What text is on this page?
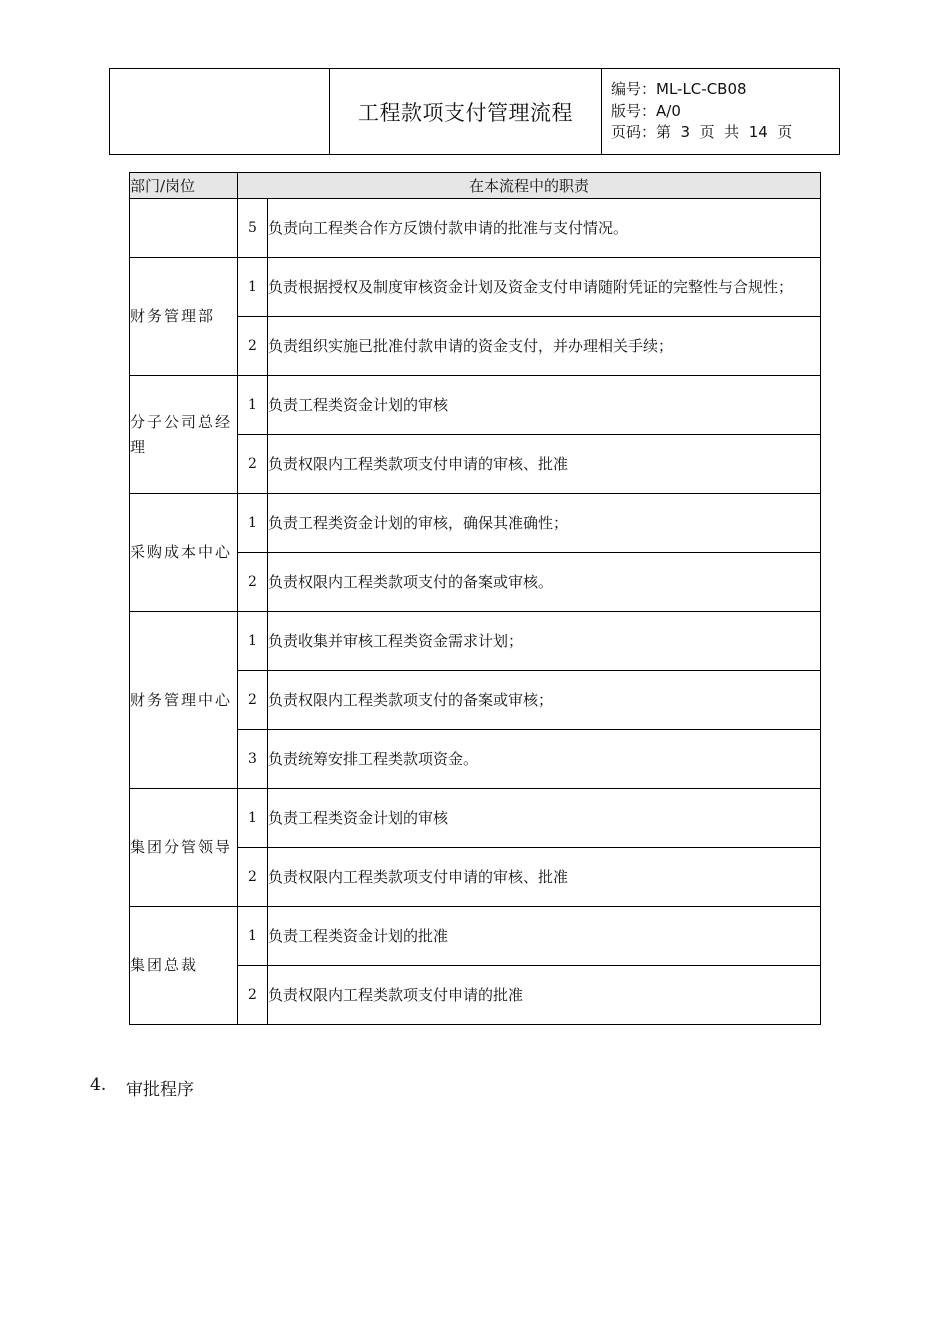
工程款项支付管理流程
编号：ML-LC-CB08
版号：A/0
页码：第  3  页  共  14  页
部门/岗位	在本流程中的职责	
	5	负责向工程类合作方反馈付款申请的批准与支付情况。
财务管理部	1	负责根据授权及制度审核资金计划及资金支付申请随附凭证的完整性与合规性；
	2	负责组织实施已批准付款申请的资金支付，并办理相关手续；
分子公司总经理	1	负责工程类资金计划的审核
	2	负责权限内工程类款项支付申请的审核、批准
采购成本中心	1	负责工程类资金计划的审核，确保其准确性；
	2	负责权限内工程类款项支付的备案或审核。
财务管理中心	1	负责收集并审核工程类资金需求计划；
	2	负责权限内工程类款项支付的备案或审核；
	3	负责统筹安排工程类款项资金。
集团分管领导	1	负责工程类资金计划的审核
	2	负责权限内工程类款项支付申请的审核、批准
集团总裁	1	负责工程类资金计划的批准
	2	负责权限内工程类款项支付申请的批准
4.	审批程序
